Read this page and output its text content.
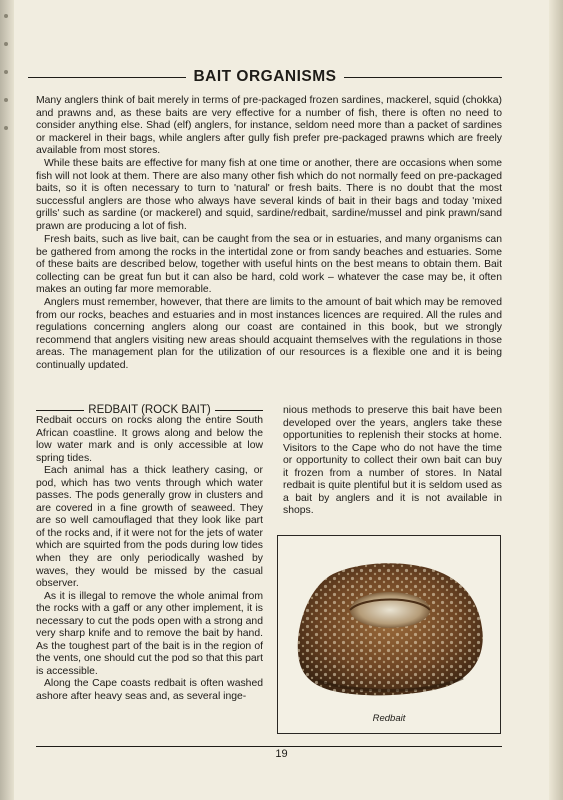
BAIT ORGANISMS

Many anglers think of bait merely in terms of pre-packaged frozen sardines, mackerel, squid (chokka) and prawns and, as these baits are very effective for a number of fish, there is often no need to consider anything else. Shad (elf) anglers, for instance, seldom need more than a packet of sardines or mackerel in their bags, while anglers after gully fish prefer pre-packaged prawns which are freely available from most stores.

While these baits are effective for many fish at one time or another, there are occasions when some fish will not look at them. There are also many other fish which do not normally feed on pre-packaged baits, so it is often necessary to turn to 'natural' or fresh baits. There is no doubt that the most successful anglers are those who always have several kinds of bait in their bags and today 'mixed grills' such as sardine (or mackerel) and squid, sardine/redbait, sardine/mussel and pink prawn/sand prawn are producing a lot of fish.

Fresh baits, such as live bait, can be caught from the sea or in estuaries, and many organisms can be gathered from among the rocks in the intertidal zone or from sandy beaches and estuaries. Some of these baits are described below, together with useful hints on the best means to obtain them. Bait collecting can be great fun but it can also be hard, cold work – whatever the case may be, it often makes an outing far more memorable.

Anglers must remember, however, that there are limits to the amount of bait which may be removed from our rocks, beaches and estuaries and in most instances licences are required. All the rules and regulations concerning anglers along our coast are contained in this book, but we strongly recommend that anglers visiting new areas should acquaint themselves with the regulations in those areas. The management plan for the utilization of our resources is a flexible one and it is being continually updated.

REDBAIT (ROCK BAIT)

Redbait occurs on rocks along the entire South African coastline. It grows along and below the low water mark and is only accessible at low spring tides.

Each animal has a thick leathery casing, or pod, which has two vents through which water passes. The pods generally grow in clusters and are covered in a fine growth of seaweed. They are so well camouflaged that they look like part of the rocks and, if it were not for the jets of water which are squirted from the pods during low tides when they are only periodically washed by waves, they would be missed by the casual observer.

As it is illegal to remove the whole animal from the rocks with a gaff or any other implement, it is necessary to cut the pods open with a strong and very sharp knife and to remove the bait by hand. As the toughest part of the bait is in the region of the vents, one should cut the pod so that this part is accessible.

Along the Cape coasts redbait is often washed ashore after heavy seas and, as several inge-

nious methods to preserve this bait have been developed over the years, anglers take these opportunities to replenish their stocks at home. Visitors to the Cape who do not have the time or opportunity to collect their own bait can buy it frozen from a number of stores. In Natal redbait is quite plentiful but it is seldom used as a bait by anglers and it is not available in shops.

Redbait
19
